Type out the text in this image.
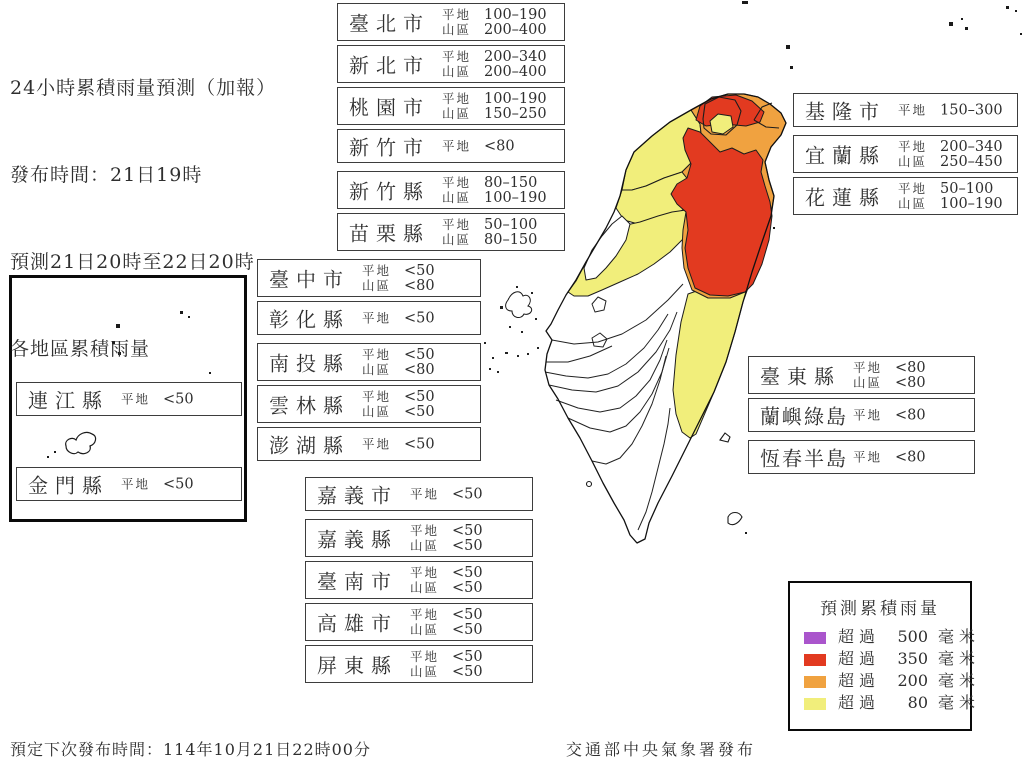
24小時累積雨量預測（加報）

發布時間：21日19時

預測21日20時至22日20時

各地區累積雨量

臺北市 平地 100–190
山區 200–400
新北市 平地 200–340
山區 200–400
桃園市 平地 100–190
山區 150–250
新竹市 平地 <80
新竹縣 平地 80–150
山區 100–190
苗栗縣 平地 50–100
山區 80–150
臺中市 平地 <50
山區 <80
彰化縣 平地 <50
南投縣 平地 <50
山區 <80
雲林縣 平地 <50
山區 <50
澎湖縣 平地 <50
嘉義市 平地 <50
嘉義縣 平地 <50
山區 <50
臺南市 平地 <50
山區 <50
高雄市 平地 <50
山區 <50
屏東縣 平地 <50
山區 <50
基隆市 平地 150–300
宜蘭縣 平地 200–340
山區 250–450
花蓮縣 平地 50–100
山區 100–190
臺東縣 平地 <80
山區 <80
蘭嶼綠島 平地 <80
恆春半島 平地 <80
連江縣 平地 <50
金門縣 平地 <50
預測累積雨量
超過 500 毫米
超過 350 毫米
超過 200 毫米
超過 80 毫米
預定下次發布時間：114年10月21日22時00分	交通部中央氣象署發布
